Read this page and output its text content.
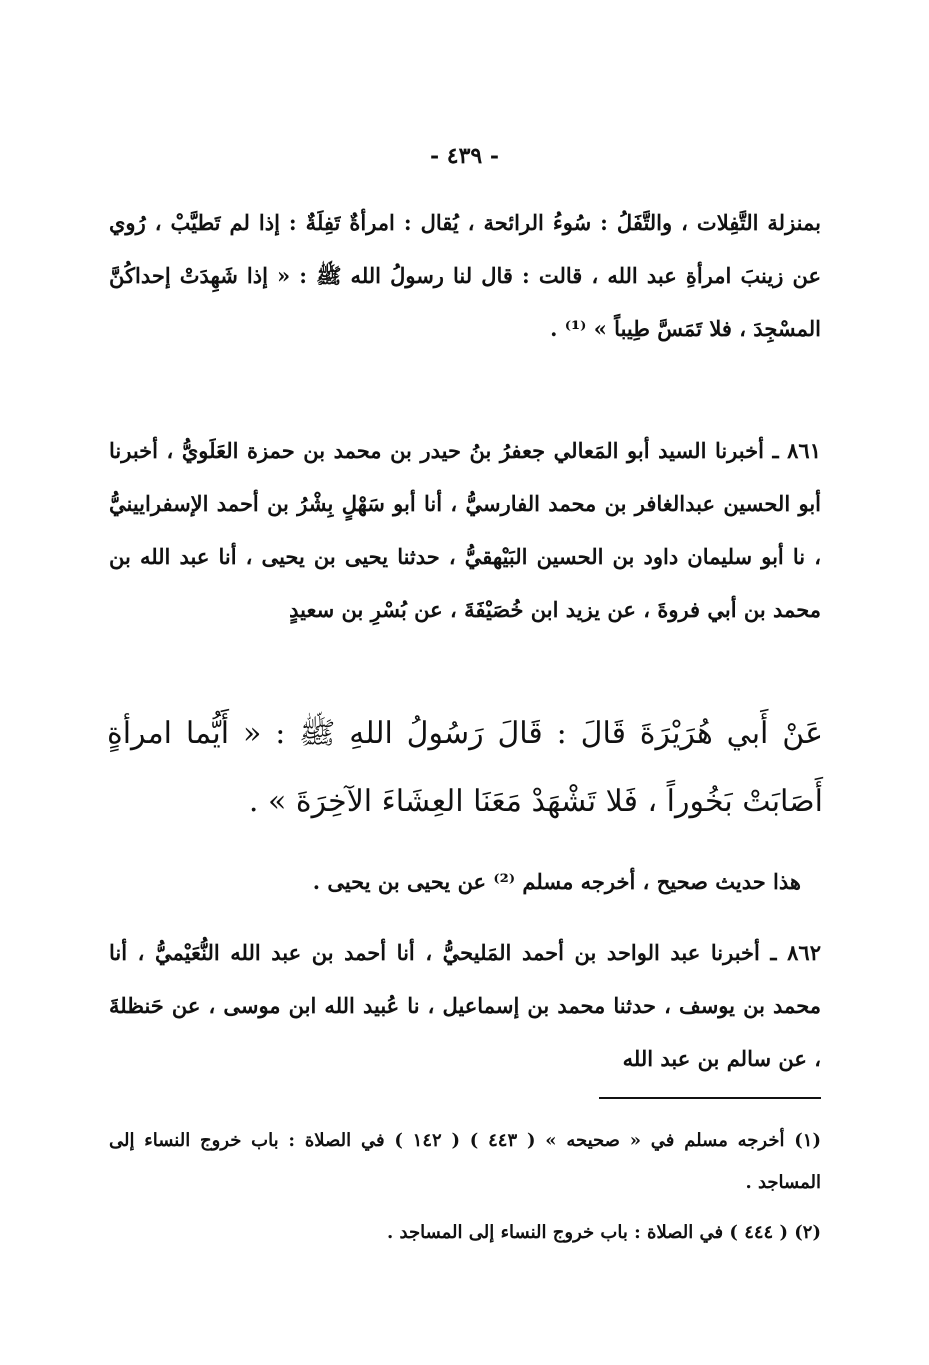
- ٤٣٩ -

بمنزلة التَّفِلات ، والتَّفَلُ : سُوءُ الرائحة ، يُقال : امرأةٌ تَفِلَةٌ : إذا لم تَطيَّبْ ، رُوي عن زينبَ امرأةِ عبد الله ، قالت : قال لنا رسولُ الله ﷺ : « إذا شَهِدَتْ إحداكُنَّ المسْجِدَ ، فلا تَمَسَّ طِيباً » ⁽¹⁾ .

٨٦١ ـ أخبرنا السيد أبو المَعالي جعفرُ بنُ حيدر بن محمد بن حمزة العَلَويُّ ، أخبرنا أبو الحسين عبدالغافر بن محمد الفارسيُّ ، أنا أبو سَهْلٍ بِشْرُ بن أحمد الإسفرايينيُّ ، نا أبو سليمان داود بن الحسين البَيْهقيُّ ، حدثنا يحيى بن يحيى ، أنا عبد الله بن محمد بن أبي فروةَ ، عن يزيد ابن خُصَيْفَةَ ، عن بُسْرِ بن سعيدٍ

عَنْ أَبي هُرَيْرَةَ قَالَ : قَالَ رَسُولُ اللهِ ﷺ : « أَيُّما امرأةٍ أَصَابَتْ بَخُوراً ، فَلا تَشْهَدْ مَعَنَا العِشَاءَ الآخِرَةَ » .

هذا حديث صحيح ، أخرجه مسلم ⁽²⁾ عن يحيى بن يحيى .

٨٦٢ ـ أخبرنا عبد الواحد بن أحمد المَليحيُّ ، أنا أحمد بن عبد الله النُّعَيْميُّ ، أنا محمد بن يوسف ، حدثنا محمد بن إسماعيل ، نا عُبيد الله ابن موسى ، عن حَنظلةَ ، عن سالم بن عبد الله

(١) أخرجه مسلم في « صحيحه » ( ٤٤٣ ) ( ١٤٢ ) في الصلاة : باب خروج النساء إلى المساجد .

(٢) ( ٤٤٤ ) في الصلاة : باب خروج النساء إلى المساجد .
